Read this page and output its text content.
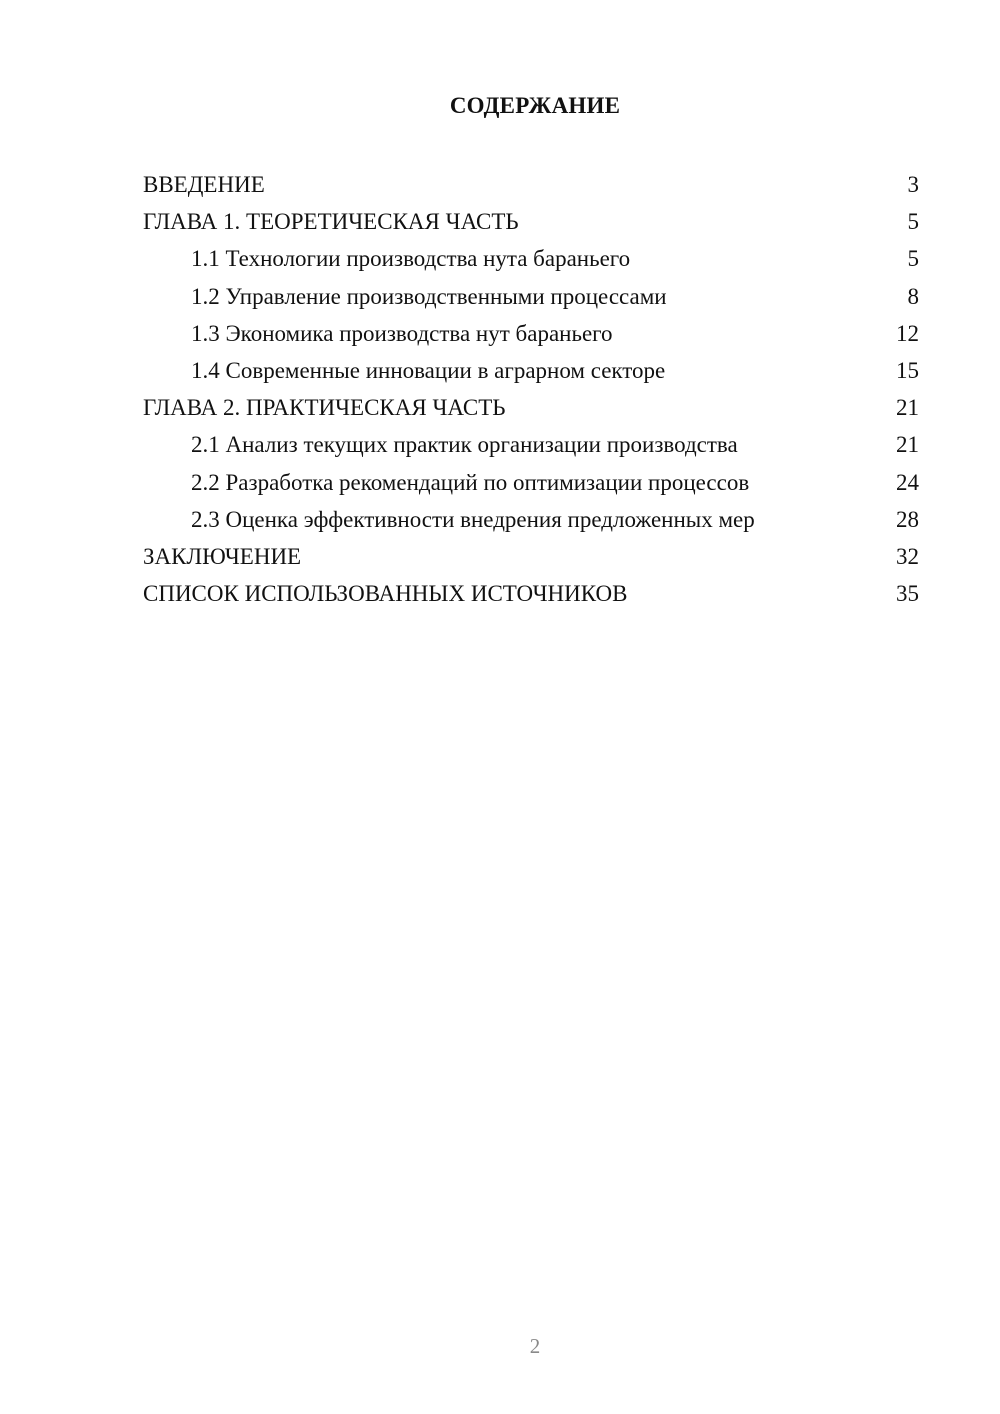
СОДЕРЖАНИЕ
ВВЕДЕНИЕ	3
ГЛАВА 1. ТЕОРЕТИЧЕСКАЯ ЧАСТЬ	5
1.1 Технологии производства нута бараньего	5
1.2 Управление производственными процессами	8
1.3 Экономика производства нут бараньего	12
1.4 Современные инновации в аграрном секторе	15
ГЛАВА 2. ПРАКТИЧЕСКАЯ ЧАСТЬ	21
2.1 Анализ текущих практик организации производства	21
2.2 Разработка рекомендаций по оптимизации процессов	24
2.3 Оценка эффективности внедрения предложенных мер	28
ЗАКЛЮЧЕНИЕ	32
СПИСОК ИСПОЛЬЗОВАННЫХ ИСТОЧНИКОВ	35
2
